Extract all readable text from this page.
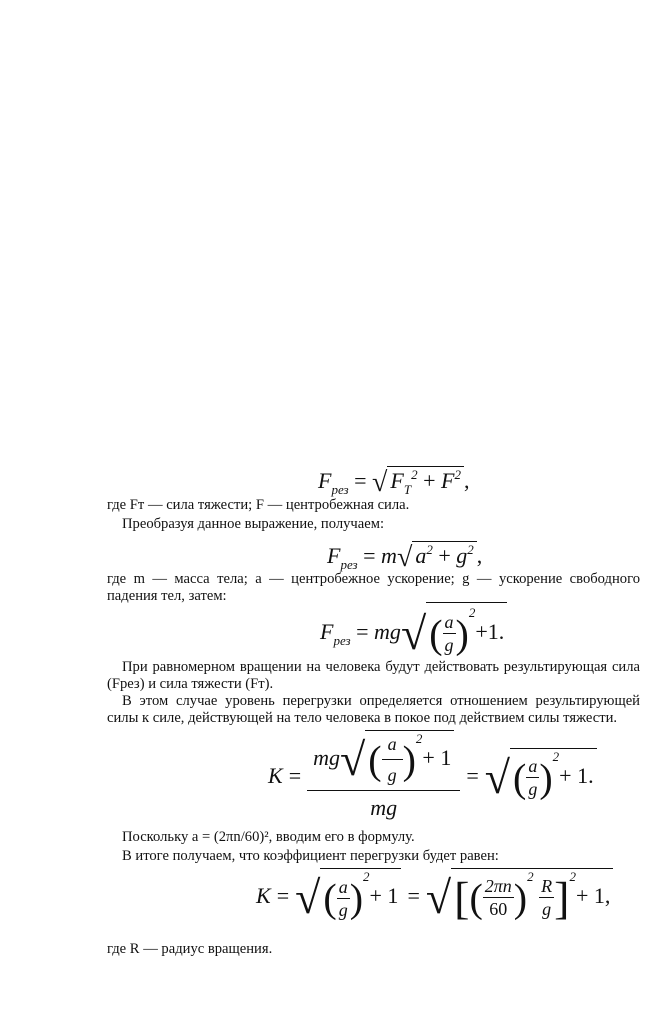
$F_{рез}$ = √ $F_T^2 + F^2$ ,
где Fт — сила тяжести; F — центробежная сила.
Преобразуя данное выражение, получаем:
$F_{рез} = m√$ $a^2 + g^2$ ,
где m — масса тела; a — центробежное ускорение; g — ускорение свободного падения тел, затем:
$F_{рез} = mg√( \frac{a}{g} )^2+1$.
При равномерном вращении на человека будут действовать результирующая сила (Fрез) и сила тяжести (Fт).
В этом случае уровень перегрузки определяется отношением результирующей силы к силе, действующей на тело человека в покое под действием силы тяжести.
$K = \frac{mg√( \frac{a}{g} )^2+ 1}{mg}$ = √( $\frac{a}{g} )^2+ 1$.
Поскольку a = (2πn/60)², вводим его в формулу.
В итоге получаем, что коэффициент перегрузки будет равен:
K = √( $\frac{a}{g} )^2+ 1$ = √[( $\frac{2\pi n}{60} )^2 \frac{R}{g} ]^2+ 1$,
где R — радиус вращения.
